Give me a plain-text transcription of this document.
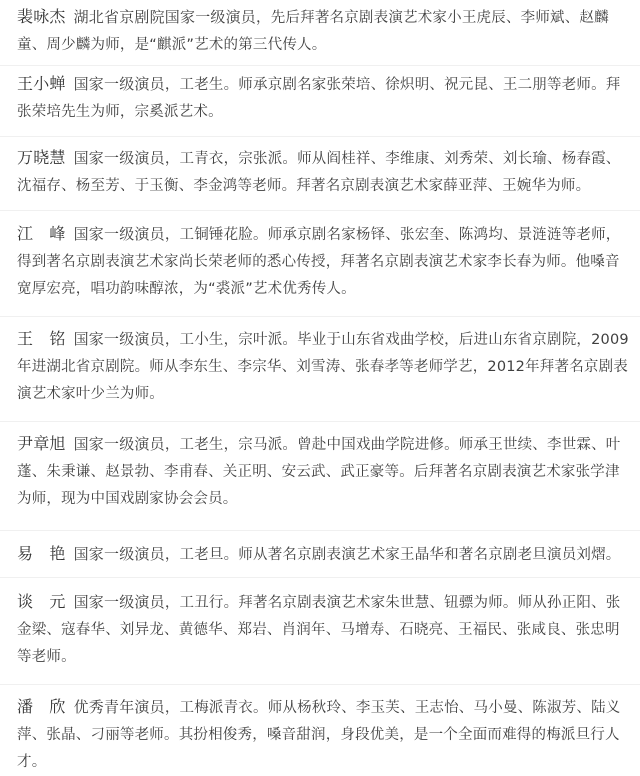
裴咏杰 湖北省京剧院国家一级演员，先后拜著名京剧表演艺术家小王虎辰、李师斌、赵麟童、周少麟为师，是“麒派”艺术的第三代传人。

王小蝉 国家一级演员，工老生。师承京剧名家张荣培、徐炽明、祝元昆、王二朋等老师。拜张荣培先生为师，宗奚派艺术。

万晓慧 国家一级演员，工青衣，宗张派。师从阎桂祥、李维康、刘秀荣、刘长瑜、杨春霞、沈福存、杨至芳、于玉衡、李金鸿等老师。拜著名京剧表演艺术家薛亚萍、王婉华为师。

江　峰 国家一级演员，工铜锤花脸。师承京剧名家杨铎、张宏奎、陈鸿均、景涟涟等老师，得到著名京剧表演艺术家尚长荣老师的悉心传授，拜著名京剧表演艺术家李长春为师。他嗓音宽厚宏亮，唱功韵味醇浓，为“裘派”艺术优秀传人。

王　铭 国家一级演员，工小生，宗叶派。毕业于山东省戏曲学校，后进山东省京剧院，2009年进湖北省京剧院。师从李东生、李宗华、刘雪涛、张春孝等老师学艺，2012年拜著名京剧表演艺术家叶少兰为师。

尹章旭 国家一级演员，工老生，宗马派。曾赴中国戏曲学院进修。师承王世续、李世霖、叶蓬、朱秉谦、赵景勃、李甫春、关正明、安云武、武正豪等。后拜著名京剧表演艺术家张学津为师，现为中国戏剧家协会会员。

易　艳 国家一级演员，工老旦。师从著名京剧表演艺术家王晶华和著名京剧老旦演员刘熠。

谈　元 国家一级演员，工丑行。拜著名京剧表演艺术家朱世慧、钮骠为师。师从孙正阳、张金梁、寇春华、刘异龙、黄德华、郑岩、肖润年、马增寿、石晓亮、王福民、张咸良、张忠明等老师。

潘　欣 优秀青年演员，工梅派青衣。师从杨秋玲、李玉芙、王志怡、马小曼、陈淑芳、陆义萍、张晶、刁丽等老师。其扮相俊秀，嗓音甜润，身段优美，是一个全面而难得的梅派旦行人才。
